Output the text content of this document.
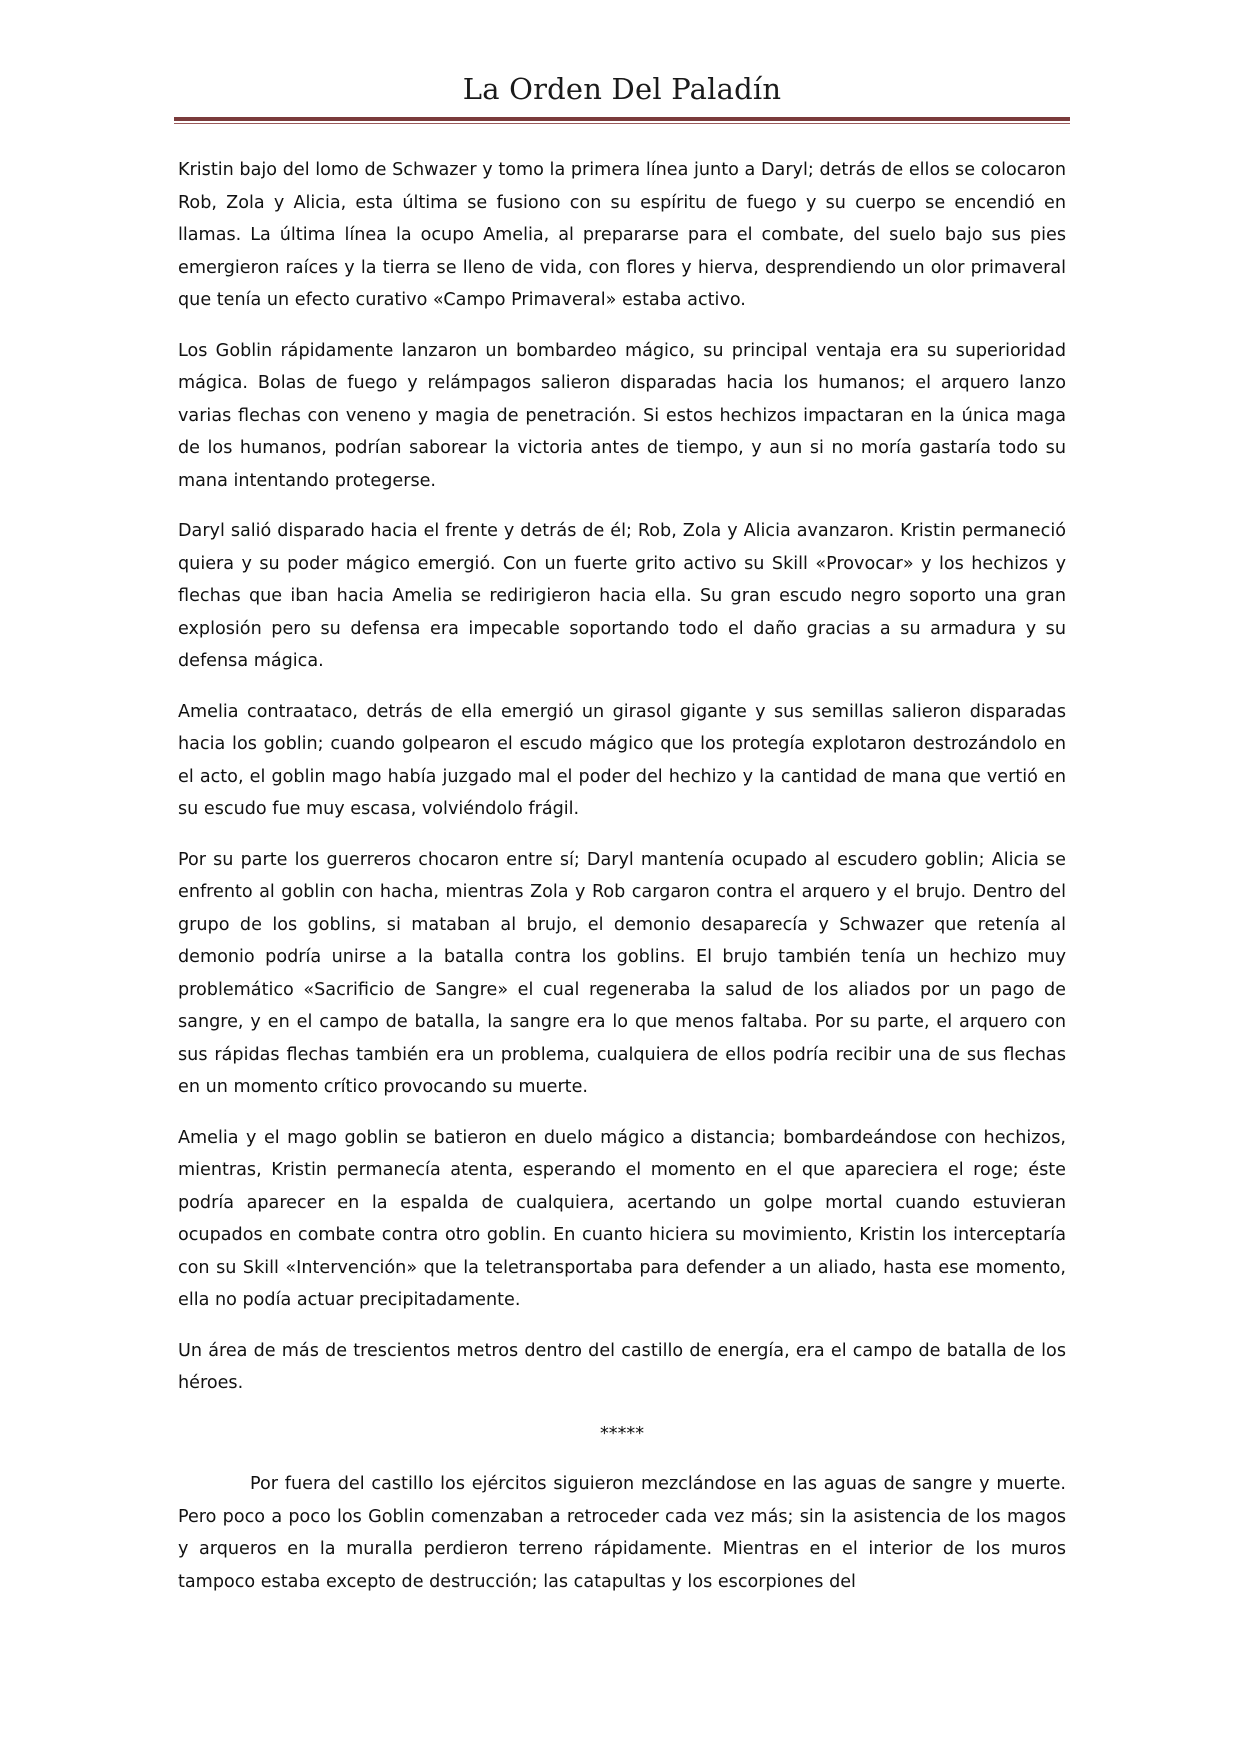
La Orden Del Paladín

Kristin bajo del lomo de Schwazer y tomo la primera línea junto a Daryl; detrás de ellos se colocaron Rob, Zola y Alicia, esta última se fusiono con su espíritu de fuego y su cuerpo se encendió en llamas. La última línea la ocupo Amelia, al prepararse para el combate, del suelo bajo sus pies emergieron raíces y la tierra se lleno de vida, con flores y hierva, desprendiendo un olor primaveral que tenía un efecto curativo «Campo Primaveral» estaba activo.

Los Goblin rápidamente lanzaron un bombardeo mágico, su principal ventaja era su superioridad mágica. Bolas de fuego y relámpagos salieron disparadas hacia los humanos; el arquero lanzo varias flechas con veneno y magia de penetración. Si estos hechizos impactaran en la única maga de los humanos, podrían saborear la victoria antes de tiempo, y aun si no moría gastaría todo su mana intentando protegerse.

Daryl salió disparado hacia el frente y detrás de él; Rob, Zola y Alicia avanzaron. Kristin permaneció quiera y su poder mágico emergió. Con un fuerte grito activo su Skill «Provocar» y los hechizos y flechas que iban hacia Amelia se redirigieron hacia ella. Su gran escudo negro soporto una gran explosión pero su defensa era impecable soportando todo el daño gracias a su armadura y su defensa mágica.

Amelia contraataco, detrás de ella emergió un girasol gigante y sus semillas salieron disparadas hacia los goblin; cuando golpearon el escudo mágico que los protegía explotaron destrozándolo en el acto, el goblin mago había juzgado mal el poder del hechizo y la cantidad de mana que vertió en su escudo fue muy escasa, volviéndolo frágil.

Por su parte los guerreros chocaron entre sí; Daryl mantenía ocupado al escudero goblin; Alicia se enfrento al goblin con hacha, mientras Zola y Rob cargaron contra el arquero y el brujo. Dentro del grupo de los goblins, si mataban al brujo, el demonio desaparecía y Schwazer que retenía al demonio podría unirse a la batalla contra los goblins. El brujo también tenía un hechizo muy problemático «Sacrificio de Sangre» el cual regeneraba la salud de los aliados por un pago de sangre, y en el campo de batalla, la sangre era lo que menos faltaba. Por su parte, el arquero con sus rápidas flechas también era un problema, cualquiera de ellos podría recibir una de sus flechas en un momento crítico provocando su muerte.

Amelia y el mago goblin se batieron en duelo mágico a distancia; bombardeándose con hechizos, mientras, Kristin permanecía atenta, esperando el momento en el que apareciera el roge; éste podría aparecer en la espalda de cualquiera, acertando un golpe mortal cuando estuvieran ocupados en combate contra otro goblin. En cuanto hiciera su movimiento, Kristin los interceptaría con su Skill «Intervención» que la teletransportaba para defender a un aliado, hasta ese momento, ella no podía actuar precipitadamente.

Un área de más de trescientos metros dentro del castillo de energía, era el campo de batalla de los héroes.

*****

Por fuera del castillo los ejércitos siguieron mezclándose en las aguas de sangre y muerte. Pero poco a poco los Goblin comenzaban a retroceder cada vez más; sin la asistencia de los magos y arqueros en la muralla perdieron terreno rápidamente. Mientras en el interior de los muros tampoco estaba excepto de destrucción; las catapultas y los escorpiones del
